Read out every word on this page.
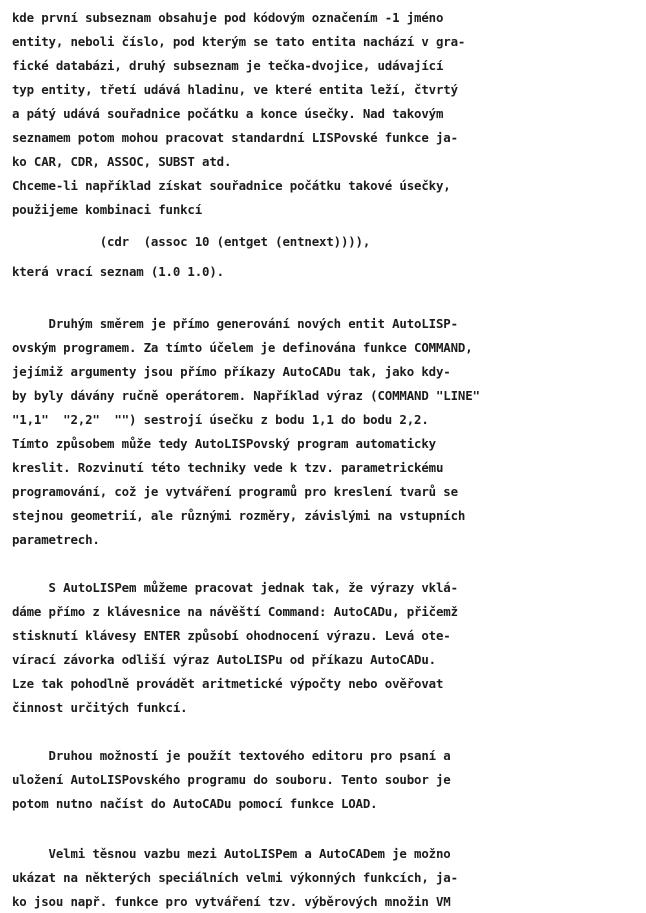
kde první subseznam obsahuje pod kódovým označením -1 jméno
entity, neboli číslo, pod kterým se tato entita nachází v gra-
fické databázi, druhý subseznam je tečka-dvojice, udávající
typ entity, třetí udává hladinu, ve které entita leží, čtvrtý
a pátý udává souřadnice počátku a konce úsečky. Nad takovým
seznamem potom mohou pracovat standardní LISPovské funkce ja-
ko CAR, CDR, ASSOC, SUBST atd.
Chceme-li například získat souřadnice počátku takové úsečky,
použijeme kombinaci funkcí
(cdr  (assoc 10 (entget (entnext)))),
která vrací seznam (1.0 1.0).
Druhým směrem je přímo generování nových entit AutoLISP-
ovským programem. Za tímto účelem je definována funkce COMMAND,
jejímiž argumenty jsou přímo příkazy AutoCADu tak, jako kdy-
by byly dávány ručně operátorem. Například výraz (COMMAND "LINE"
"1,1"  "2,2"  "") sestrojí úsečku z bodu 1,1 do bodu 2,2.
Tímto způsobem může tedy AutoLISPovský program automaticky
kreslit. Rozvinutí této techniky vede k tzv. parametrickému
programování, což je vytváření programů pro kreslení tvarů se
stejnou geometrií, ale různými rozměry, závislými na vstupních
parametrech.
S AutoLISPem můžeme pracovat jednak tak, že výrazy vklá-
dáme přímo z klávesnice na návěští Command: AutoCADu, přičemž
stisknutí klávesy ENTER způsobí ohodnocení výrazu. Levá ote-
vírací závorka odliší výraz AutoLISPu od příkazu AutoCADu.
Lze tak pohodlně provádět aritmetické výpočty nebo ověřovat
činnost určitých funkcí.
Druhou možností je použít textového editoru pro psaní a
uložení AutoLISPovského programu do souboru. Tento soubor je
potom nutno načíst do AutoCADu pomocí funkce LOAD.
Velmi těsnou vazbu mezi AutoLISPem a AutoCADem je možno
ukázat na některých speciálních velmi výkonných funkcích, ja-
ko jsou např. funkce pro vytváření tzv. výběrových množin VM
